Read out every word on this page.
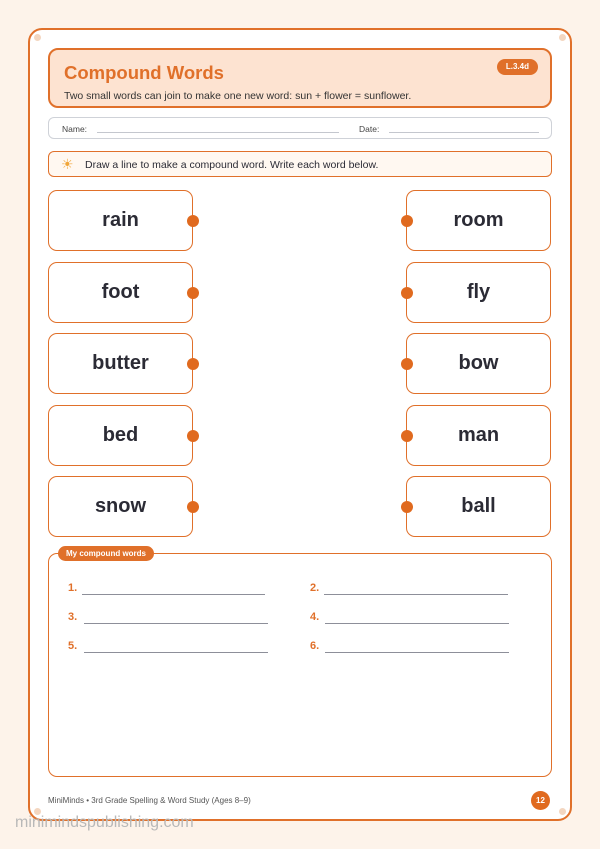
Compound Words
Two small words can join to make one new word: sun + flower = sunflower.
L.3.4d
Name:	Date:
☀ Draw a line to make a compound word. Write each word below.
rain
foot
butter
bed
snow
room
fly
bow
man
ball
My compound words
1.	2.
3.	4.
5.	6.
MiniMinds • 3rd Grade Spelling & Word Study (Ages 8–9)	12
minimindspublishing.com
